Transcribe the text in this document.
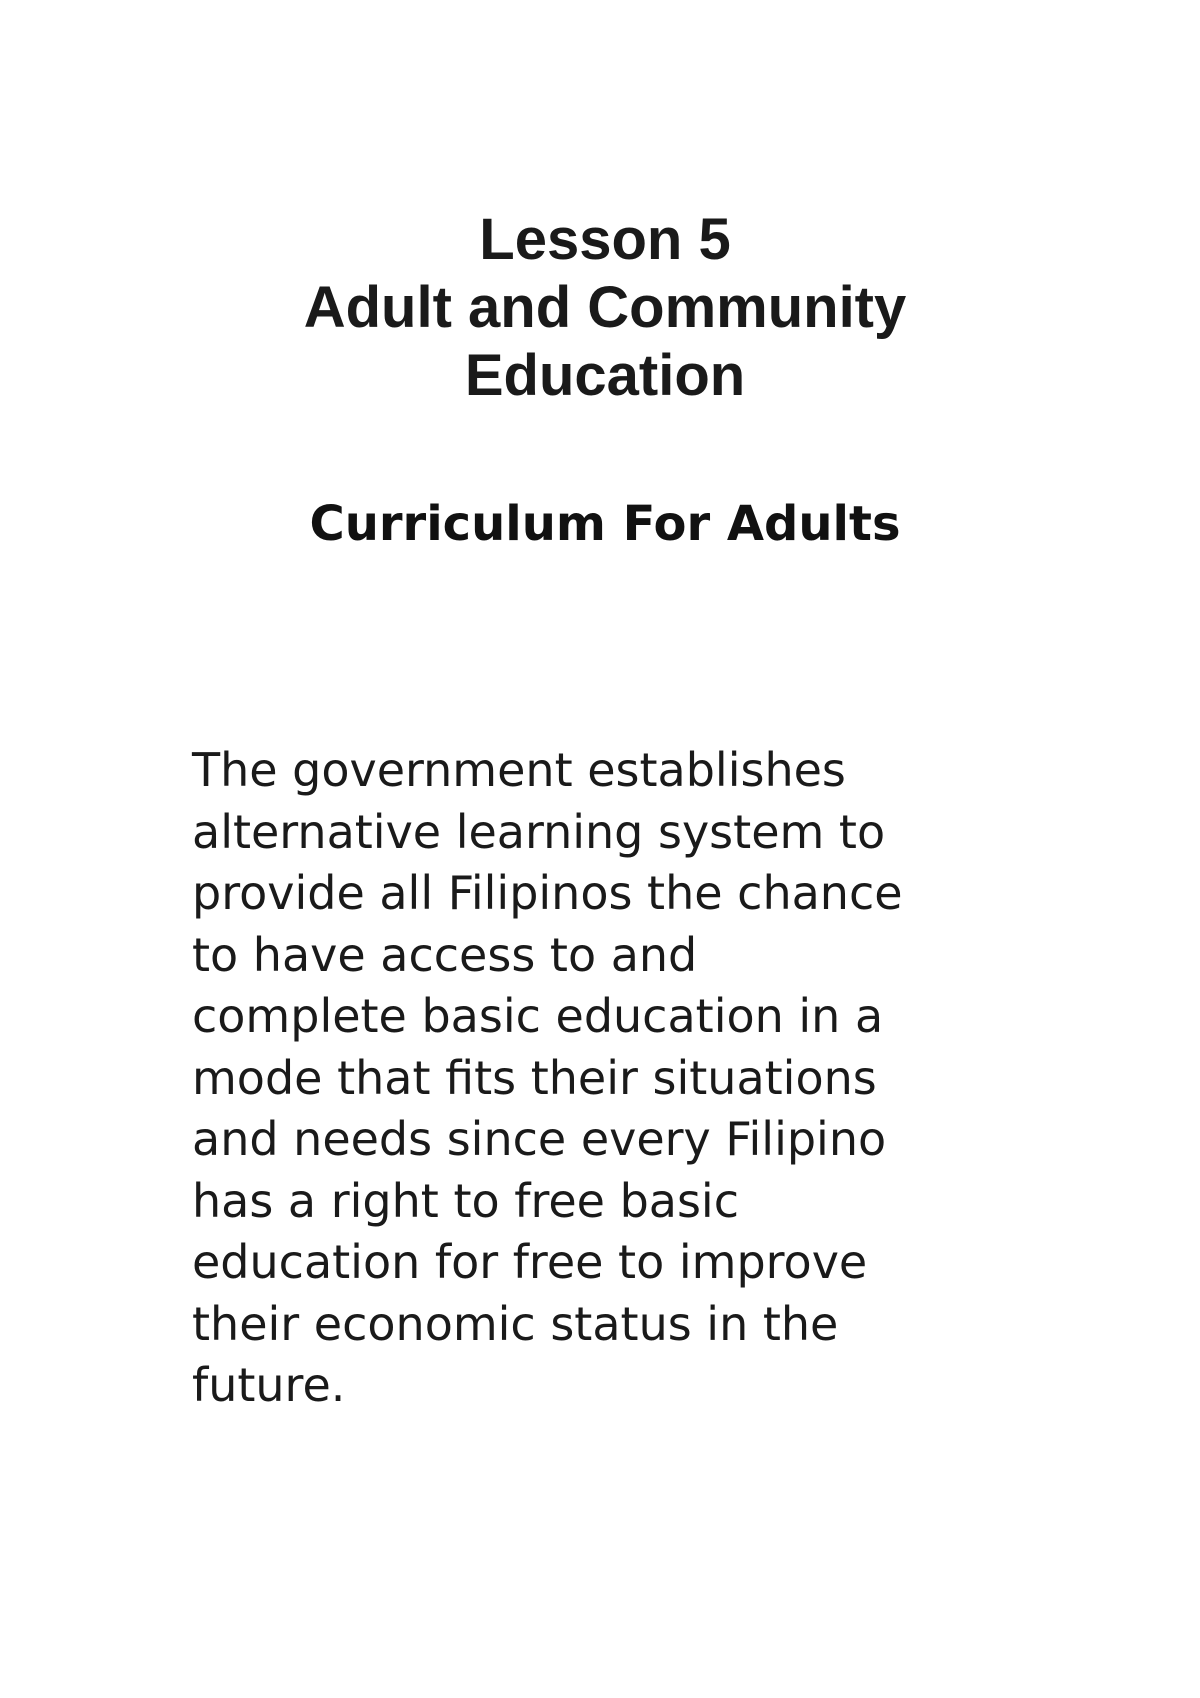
Lesson 5
Adult and Community
Education
Curriculum For Adults
The government establishes
alternative learning system to
provide all Filipinos the chance
to have access to and
complete basic education in a
mode that fits their situations
and needs since every Filipino
has a right to free basic
education for free to improve
their economic status in the
future.
